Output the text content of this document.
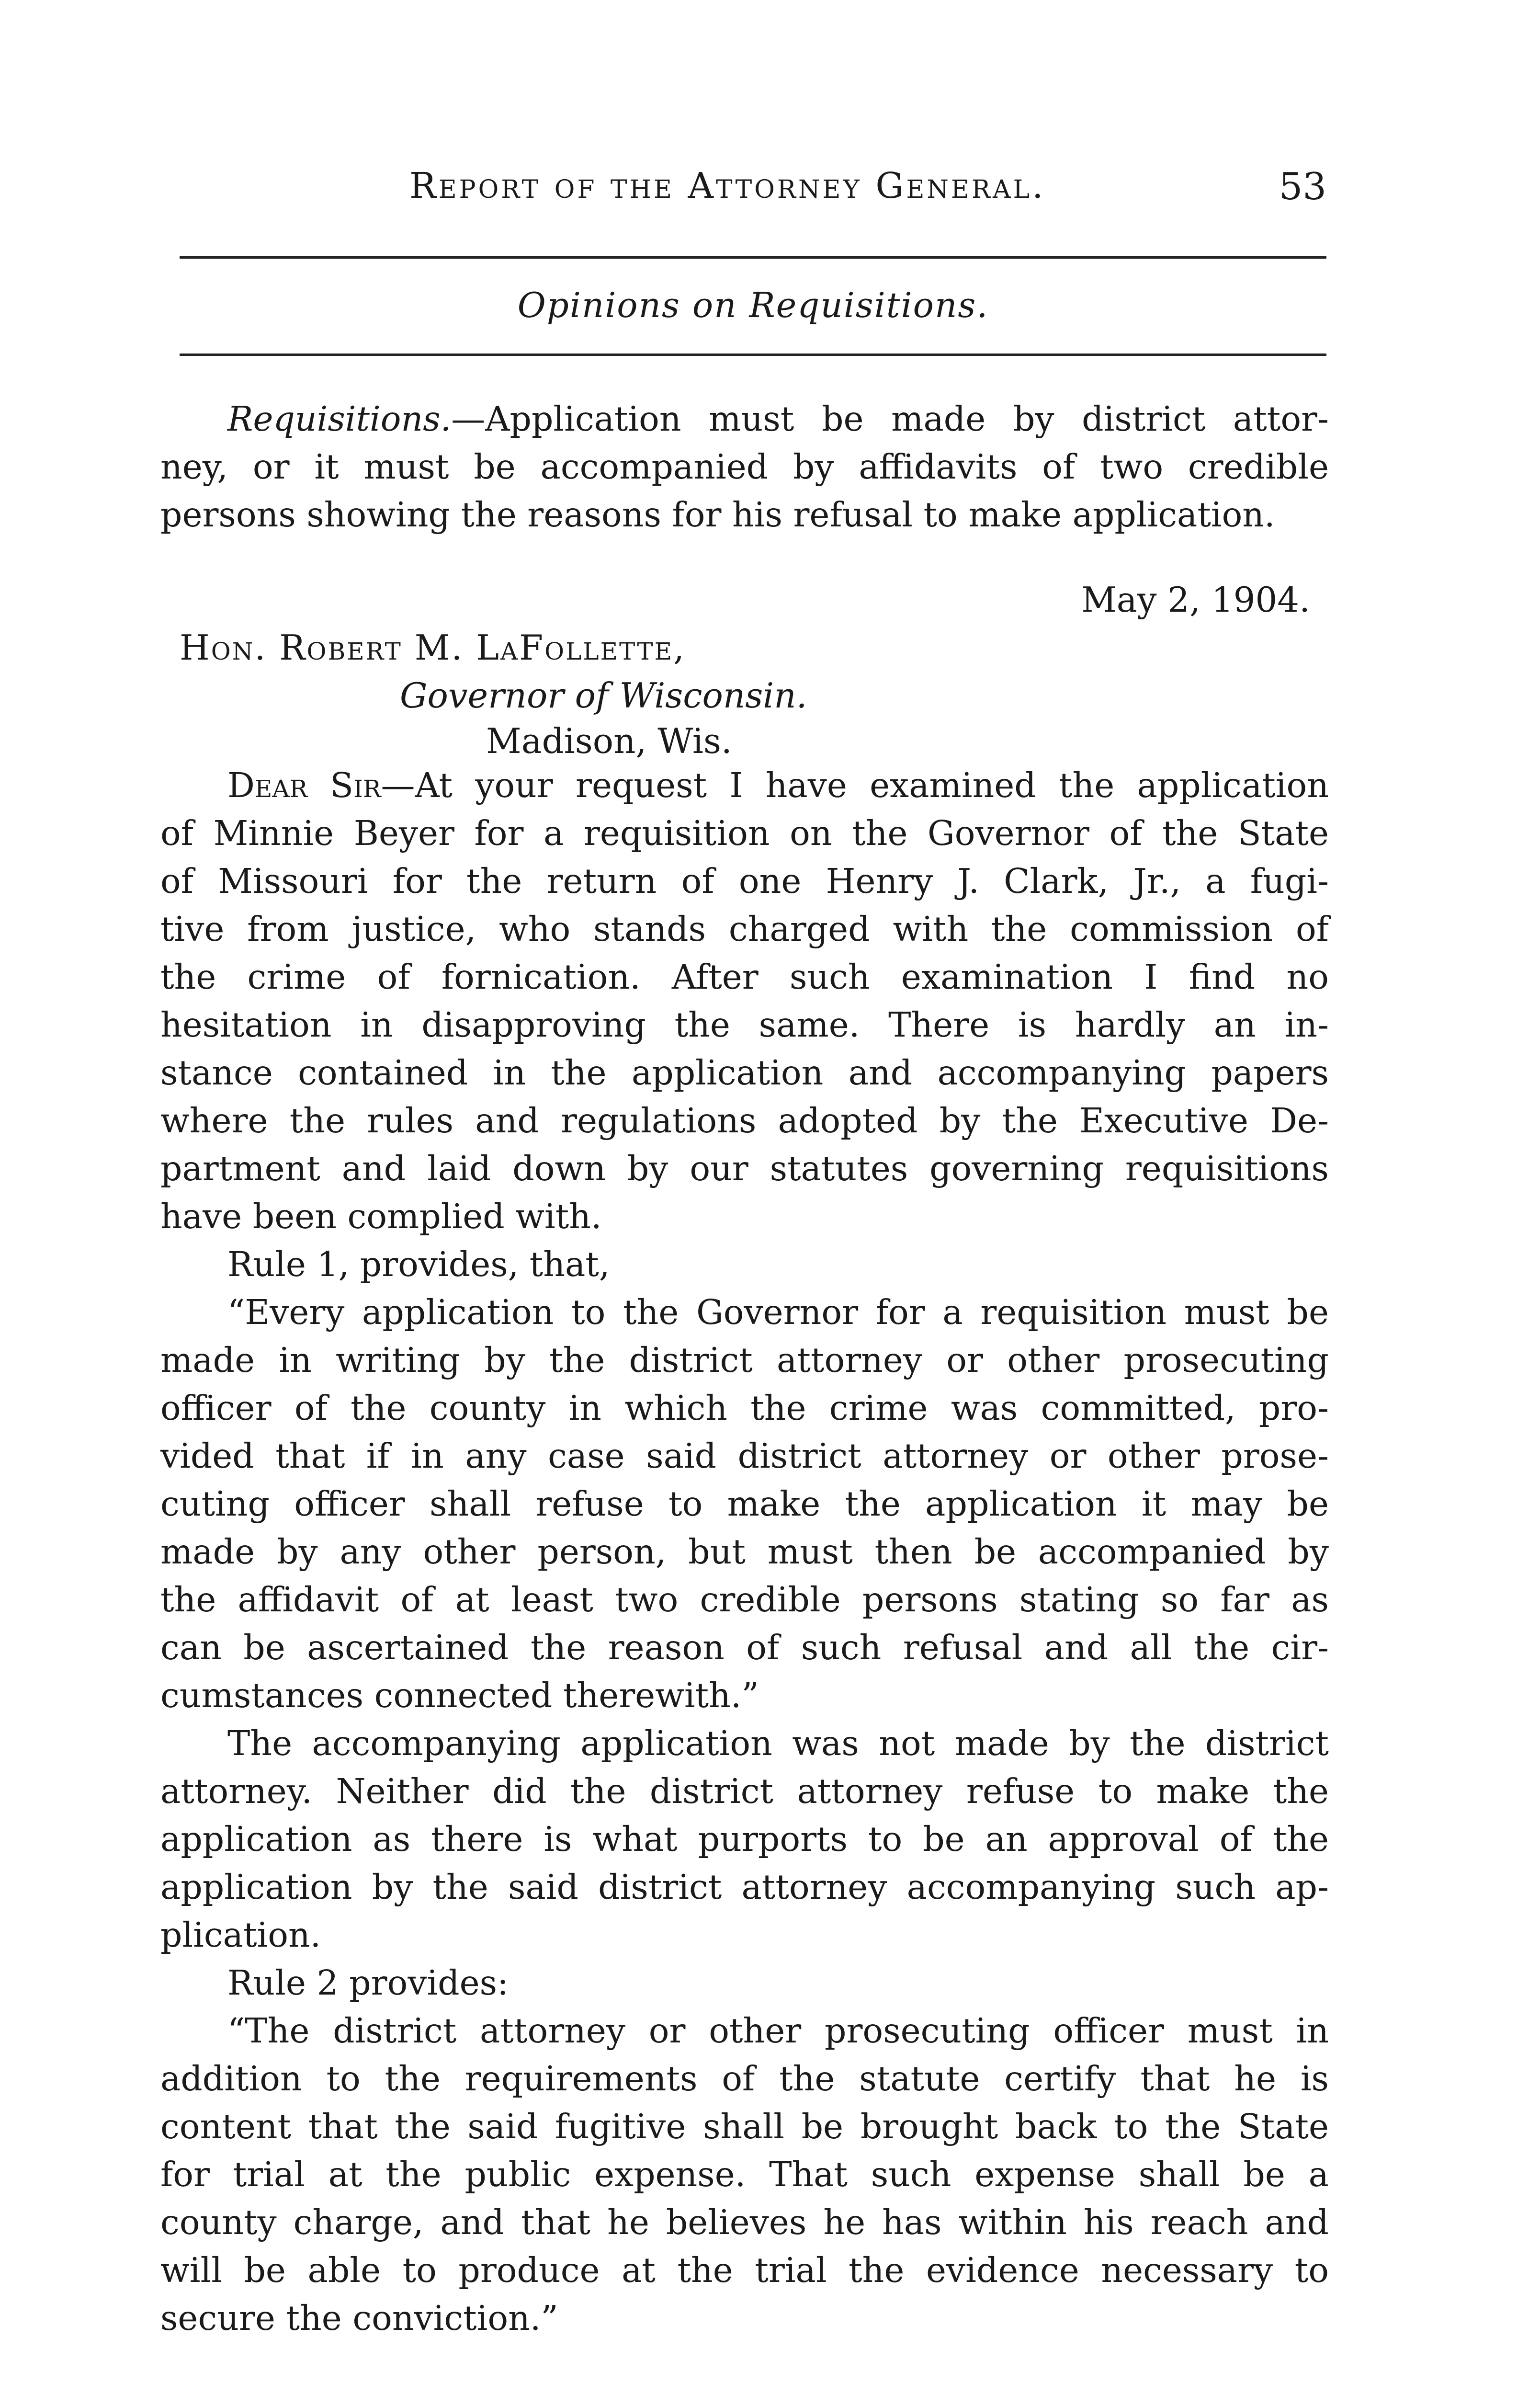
Report of the Attorney General.	53
Opinions on Requisitions.
Requisitions.—Application must be made by district attor-
ney, or it must be accompanied by affidavits of two credible
persons showing the reasons for his refusal to make application.
May 2, 1904.
Hon. Robert M. LaFollette,
Governor of Wisconsin.
Madison, Wis.
Dear Sir—At your request I have examined the application
of Minnie Beyer for a requisition on the Governor of the State
of Missouri for the return of one Henry J. Clark, Jr., a fugi-
tive from justice, who stands charged with the commission of
the crime of fornication. After such examination I find no
hesitation in disapproving the same. There is hardly an in-
stance contained in the application and accompanying papers
where the rules and regulations adopted by the Executive De-
partment and laid down by our statutes governing requisitions
have been complied with.
Rule 1, provides, that,
“Every application to the Governor for a requisition must be
made in writing by the district attorney or other prosecuting
officer of the county in which the crime was committed, pro-
vided that if in any case said district attorney or other prose-
cuting officer shall refuse to make the application it may be
made by any other person, but must then be accompanied by
the affidavit of at least two credible persons stating so far as
can be ascertained the reason of such refusal and all the cir-
cumstances connected therewith.”
The accompanying application was not made by the district
attorney. Neither did the district attorney refuse to make the
application as there is what purports to be an approval of the
application by the said district attorney accompanying such ap-
plication.
Rule 2 provides:
“The district attorney or other prosecuting officer must in
addition to the requirements of the statute certify that he is
content that the said fugitive shall be brought back to the State
for trial at the public expense. That such expense shall be a
county charge, and that he believes he has within his reach and
will be able to produce at the trial the evidence necessary to
secure the conviction.”
